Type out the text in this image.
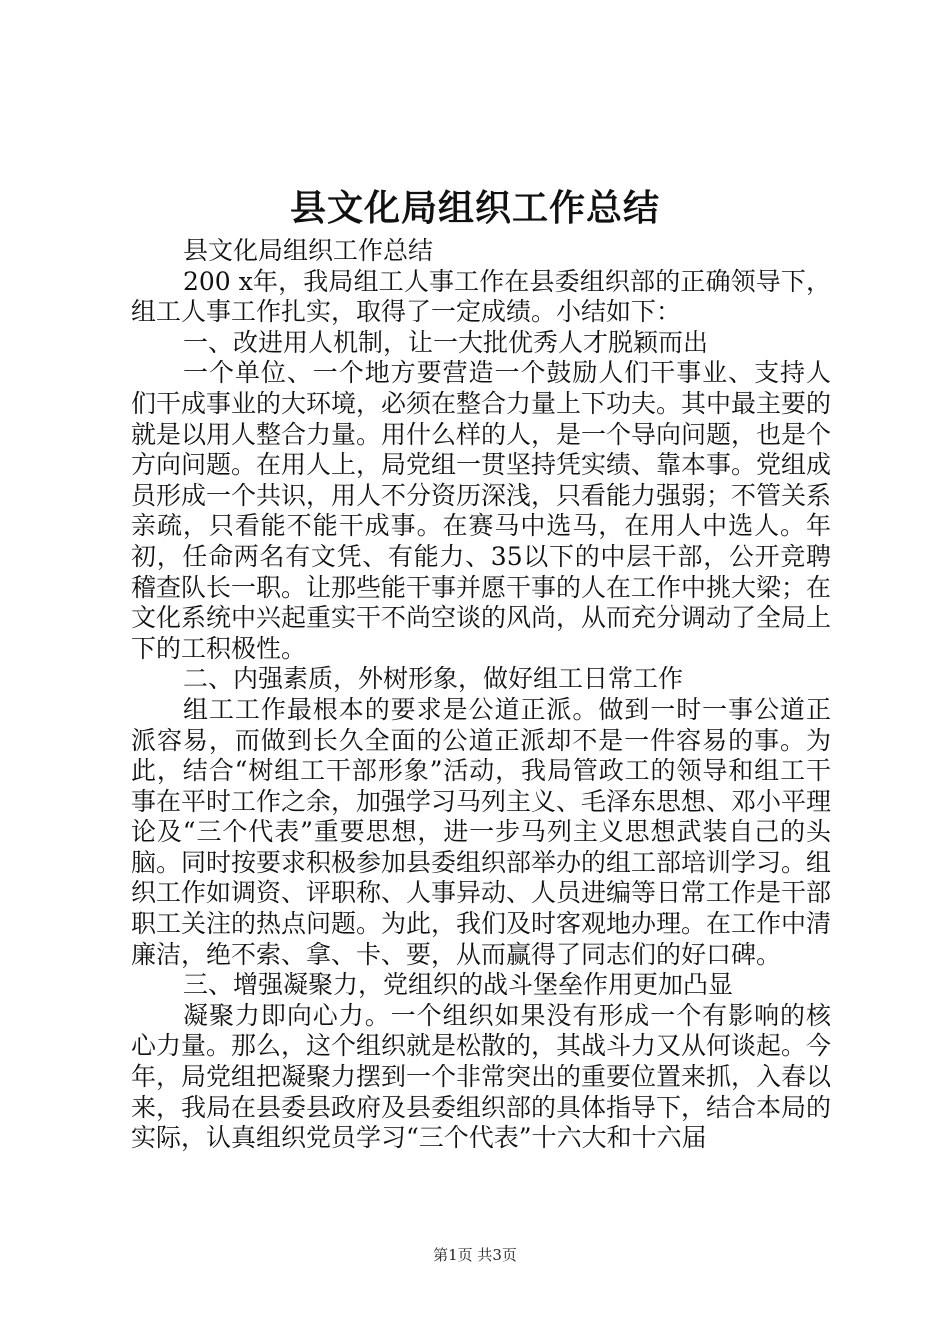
县文化局组织工作总结

县文化局组织工作总结

200 x年，我局组工人事工作在县委组织部的正确领导下，组工人事工作扎实，取得了一定成绩。小结如下：

一、改进用人机制，让一大批优秀人才脱颖而出

一个单位、一个地方要营造一个鼓励人们干事业、支持人们干成事业的大环境，必须在整合力量上下功夫。其中最主要的就是以用人整合力量。用什么样的人，是一个导向问题，也是个方向问题。在用人上，局党组一贯坚持凭实绩、靠本事。党组成员形成一个共识，用人不分资历深浅，只看能力强弱；不管关系亲疏，只看能不能干成事。在赛马中选马，在用人中选人。年初，任命两名有文凭、有能力、35以下的中层干部，公开竞聘稽查队长一职。让那些能干事并愿干事的人在工作中挑大梁；在文化系统中兴起重实干不尚空谈的风尚，从而充分调动了全局上下的工积极性。

二、内强素质，外树形象，做好组工日常工作

组工工作最根本的要求是公道正派。做到一时一事公道正派容易，而做到长久全面的公道正派却不是一件容易的事。为此，结合“树组工干部形象”活动，我局管政工的领导和组工干事在平时工作之余，加强学习马列主义、毛泽东思想、邓小平理论及“三个代表”重要思想，进一步马列主义思想武装自己的头脑。同时按要求积极参加县委组织部举办的组工部培训学习。组织工作如调资、评职称、人事异动、人员进编等日常工作是干部职工关注的热点问题。为此，我们及时客观地办理。在工作中清廉洁，绝不索、拿、卡、要，从而赢得了同志们的好口碑。

三、增强凝聚力，党组织的战斗堡垒作用更加凸显

凝聚力即向心力。一个组织如果没有形成一个有影响的核心力量。那么，这个组织就是松散的，其战斗力又从何谈起。今年，局党组把凝聚力摆到一个非常突出的重要位置来抓，入春以来，我局在县委县政府及县委组织部的具体指导下，结合本局的实际，认真组织党员学习“三个代表”十六大和十六届

第1页 共3页
